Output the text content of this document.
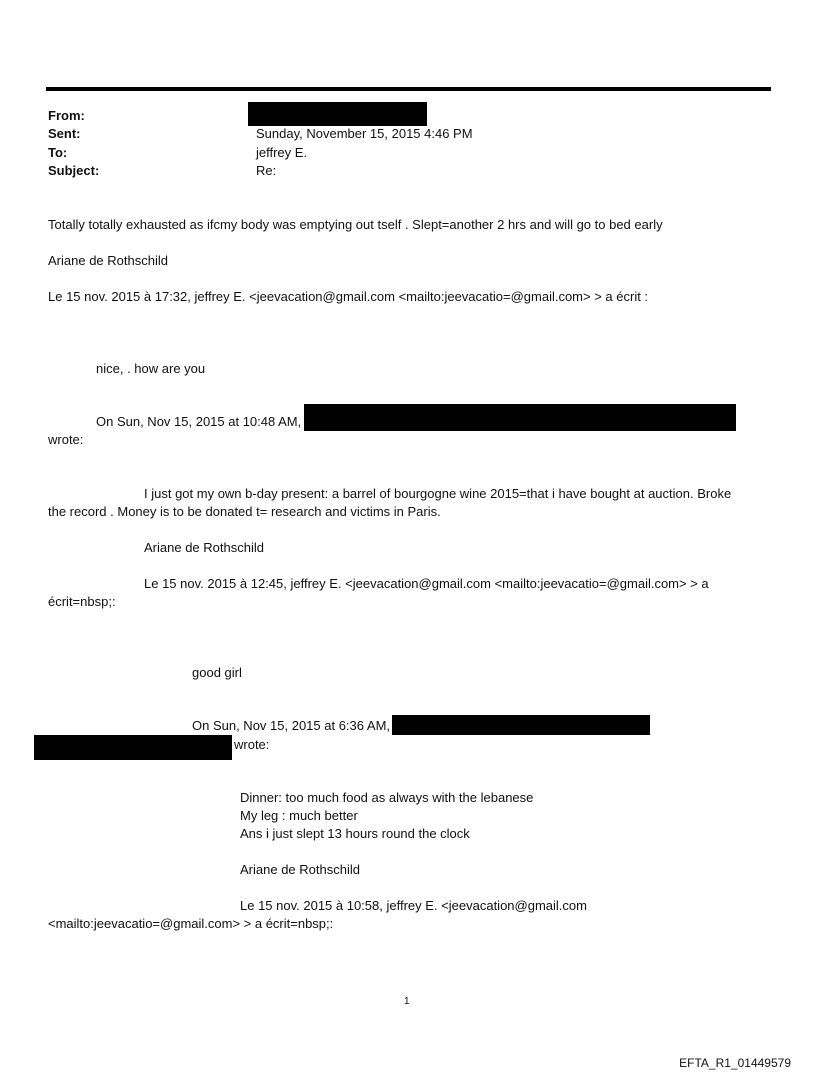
From:
Sent:	Sunday, November 15, 2015 4:46 PM
To:	jeffrey E.
Subject:	Re:
Totally totally exhausted as ifcmy body was emptying out tself . Slept=another 2 hrs and will go to bed early
Ariane de Rothschild
Le 15 nov. 2015 à 17:32, jeffrey E. <jeevacation@gmail.com <mailto:jeevacatio=@gmail.com> > a écrit :
nice, . how are you
On Sun, Nov 15, 2015 at 10:48 AM,
wrote:
I just got my own b-day present: a barrel of bourgogne wine 2015=that i have bought at auction. Broke
the record . Money is to be donated t= research and victims in Paris.
Ariane de Rothschild
Le 15 nov. 2015 à 12:45, jeffrey E. <jeevacation@gmail.com <mailto:jeevacatio=@gmail.com> > a
écrit=nbsp;:
good girl
On Sun, Nov 15, 2015 at 6:36 AM,
wrote:
Dinner: too much food as always with the lebanese
My leg : much better
Ans i just slept 13 hours round the clock
Ariane de Rothschild
Le 15 nov. 2015 à 10:58, jeffrey E. <jeevacation@gmail.com
<mailto:jeevacatio=@gmail.com> > a écrit=nbsp;:
1
EFTA_R1_01449579
